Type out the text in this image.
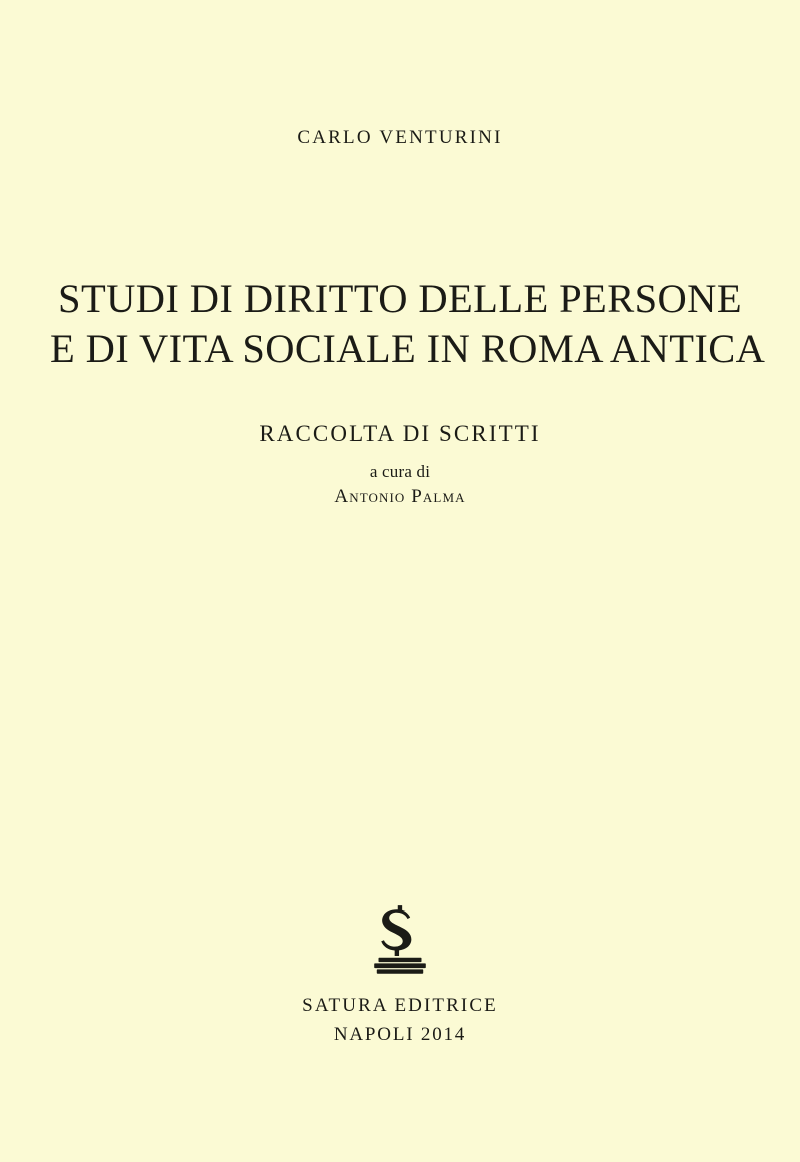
CARLO VENTURINI
STUDI DI DIRITTO DELLE PERSONE
E DI VITA SOCIALE IN ROMA ANTICA
RACCOLTA DI SCRITTI
a cura di
Antonio Palma
SATURA EDITRICE
NAPOLI 2014
